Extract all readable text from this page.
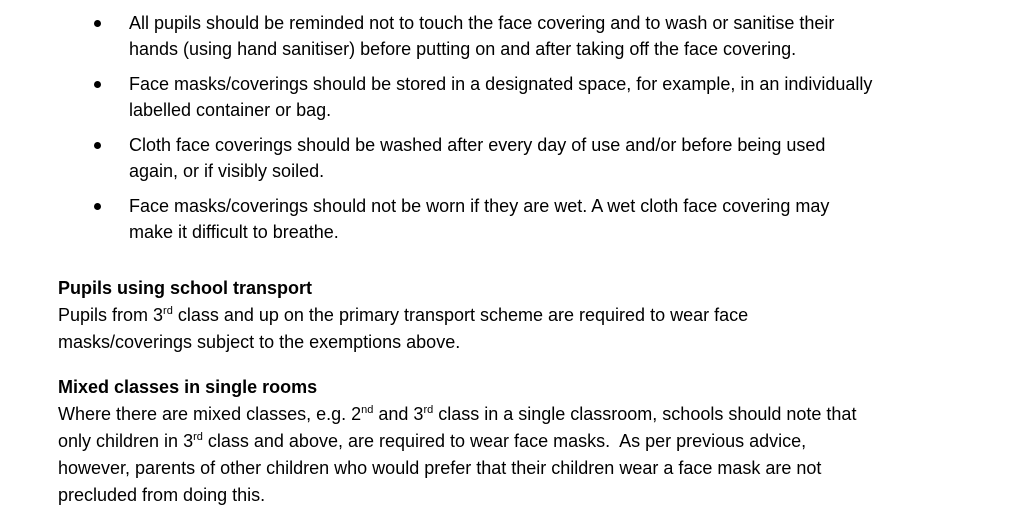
All pupils should be reminded not to touch the face covering and to wash or sanitise their
hands (using hand sanitiser) before putting on and after taking off the face covering.
Face masks/coverings should be stored in a designated space, for example, in an individually
labelled container or bag.
Cloth face coverings should be washed after every day of use and/or before being used
again, or if visibly soiled.
Face masks/coverings should not be worn if they are wet. A wet cloth face covering may
make it difficult to breathe.

Pupils using school transport

Pupils from 3rd class and up on the primary transport scheme are required to wear face
masks/coverings subject to the exemptions above.

Mixed classes in single rooms

Where there are mixed classes, e.g. 2nd and 3rd class in a single classroom, schools should note that
only children in 3rd class and above, are required to wear face masks.  As per previous advice,
however, parents of other children who would prefer that their children wear a face mask are not
precluded from doing this.
